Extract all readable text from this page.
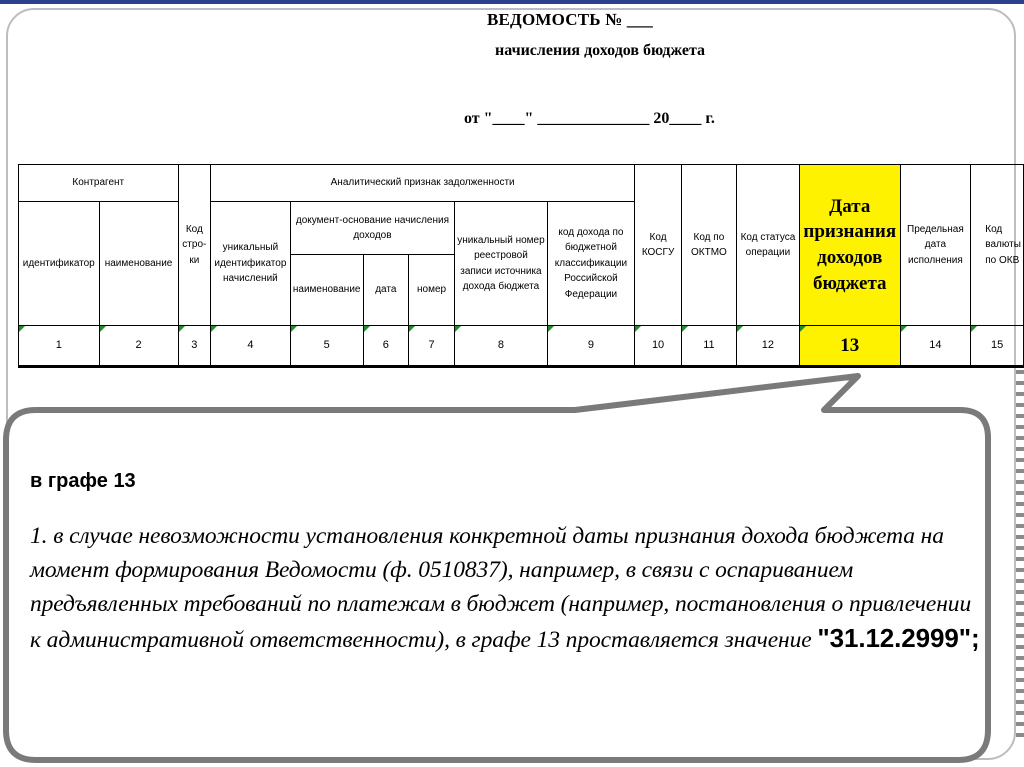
ВЕДОМОСТЬ № ___
начисления доходов бюджета
от "____" ______________ 20____ г.
Контрагент		Код стро-ки	Аналитический признак задолженности						Код КОСГУ	Код по ОКТМО	Код статуса операции	Дата признания доходов бюджета	Предельная дата исполнения	Код валюты по ОКВ
идентификатор	наименование		уникальный идентификатор начислений	документ-основание начисления доходов			уникальный номер реестровой записи источника дохода бюджета	код дохода по бюджетной классификации Российской Федерации						
				наименование	дата	номер								

1	2	3	4	5	6	7	8	9	10	11	12	13	14	15

в графе 13

1. в случае невозможности установления конкретной даты признания дохода бюджета на момент формирования Ведомости (ф. 0510837), например, в связи с оспариванием предъявленных требований по платежам в бюджет (например, постановления о привлечении к административной ответственности), в графе 13 проставляется значение "31.12.2999";
